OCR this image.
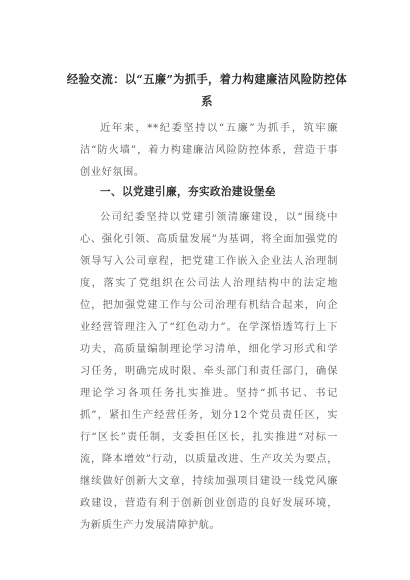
经验交流：以“五廉”为抓手，着力构建廉洁风险防控体系

近年来，**纪委坚持以“五廉”为抓手，筑牢廉洁“防火墙”，着力构建廉洁风险防控体系，营造干事创业好氛围。

一、以党建引廉，夯实政治建设堡垒

公司纪委坚持以党建引领清廉建设，以“围绕中心、强化引领、高质量发展”为基调，将全面加强党的领导写入公司章程，把党建工作嵌入企业法人治理制度，落实了党组织在公司法人治理结构中的法定地位，把加强党建工作与公司治理有机结合起来，向企业经营管理注入了“红色动力”。在学深悟透笃行上下功夫，高质量编制理论学习清单，细化学习形式和学习任务，明确完成时限、牵头部门和责任部门，确保理论学习各项任务扎实推进。坚持“抓书记、书记抓”，紧扣生产经营任务，划分12个党员责任区，实行“区长”责任制，支委担任区长，扎实推进“对标一流，降本增效”行动，以质量改进、生产攻关为要点，继续做好创新大文章，持续加强项目建设一线党风廉政建设，营造有利于创新创业创造的良好发展环境，为新质生产力发展清障护航。
